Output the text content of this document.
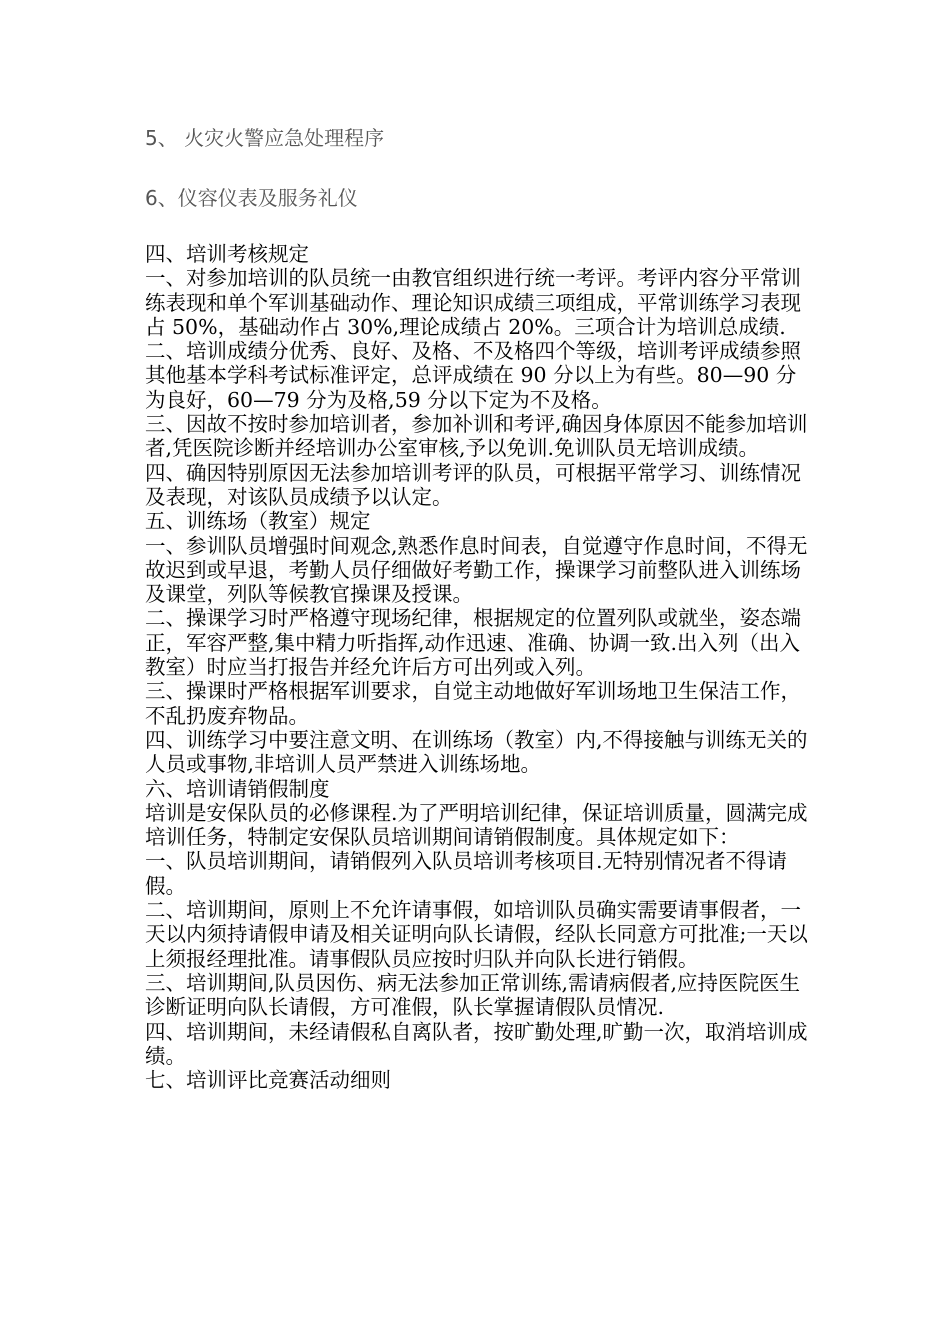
5、 火灾火警应急处理程序
6、仪容仪表及服务礼仪

四、培训考核规定

一、对参加培训的队员统一由教官组织进行统一考评。考评内容分平常训练表现和单个军训基础动作、理论知识成绩三项组成，平常训练学习表现占 50%，基础动作占 30%,理论成绩占 20%。三项合计为培训总成绩.

二、培训成绩分优秀、良好、及格、不及格四个等级，培训考评成绩参照其他基本学科考试标准评定，总评成绩在 90 分以上为有些。80—90 分为良好，60—79 分为及格,59 分以下定为不及格。

三、因故不按时参加培训者，参加补训和考评,确因身体原因不能参加培训者,凭医院诊断并经培训办公室审核,予以免训.免训队员无培训成绩。

四、确因特别原因无法参加培训考评的队员，可根据平常学习、训练情况及表现，对该队员成绩予以认定。

五、训练场（教室）规定

一、参训队员增强时间观念,熟悉作息时间表，自觉遵守作息时间，不得无故迟到或早退，考勤人员仔细做好考勤工作，操课学习前整队进入训练场及课堂，列队等候教官操课及授课。

二、操课学习时严格遵守现场纪律，根据规定的位置列队或就坐，姿态端正，军容严整,集中精力听指挥,动作迅速、准确、协调一致.出入列（出入教室）时应当打报告并经允许后方可出列或入列。

三、操课时严格根据军训要求，自觉主动地做好军训场地卫生保洁工作，不乱扔废弃物品。

四、训练学习中要注意文明、在训练场（教室）内,不得接触与训练无关的人员或事物,非培训人员严禁进入训练场地。

六、培训请销假制度

培训是安保队员的必修课程.为了严明培训纪律，保证培训质量，圆满完成培训任务，特制定安保队员培训期间请销假制度。具体规定如下：

一、队员培训期间，请销假列入队员培训考核项目.无特别情况者不得请假。

二、培训期间，原则上不允许请事假，如培训队员确实需要请事假者，一天以内须持请假申请及相关证明向队长请假，经队长同意方可批准;一天以上须报经理批准。请事假队员应按时归队并向队长进行销假。

三、培训期间,队员因伤、病无法参加正常训练,需请病假者,应持医院医生诊断证明向队长请假，方可准假，队长掌握请假队员情况.

四、培训期间，未经请假私自离队者，按旷勤处理,旷勤一次，取消培训成绩。

七、培训评比竞赛活动细则
